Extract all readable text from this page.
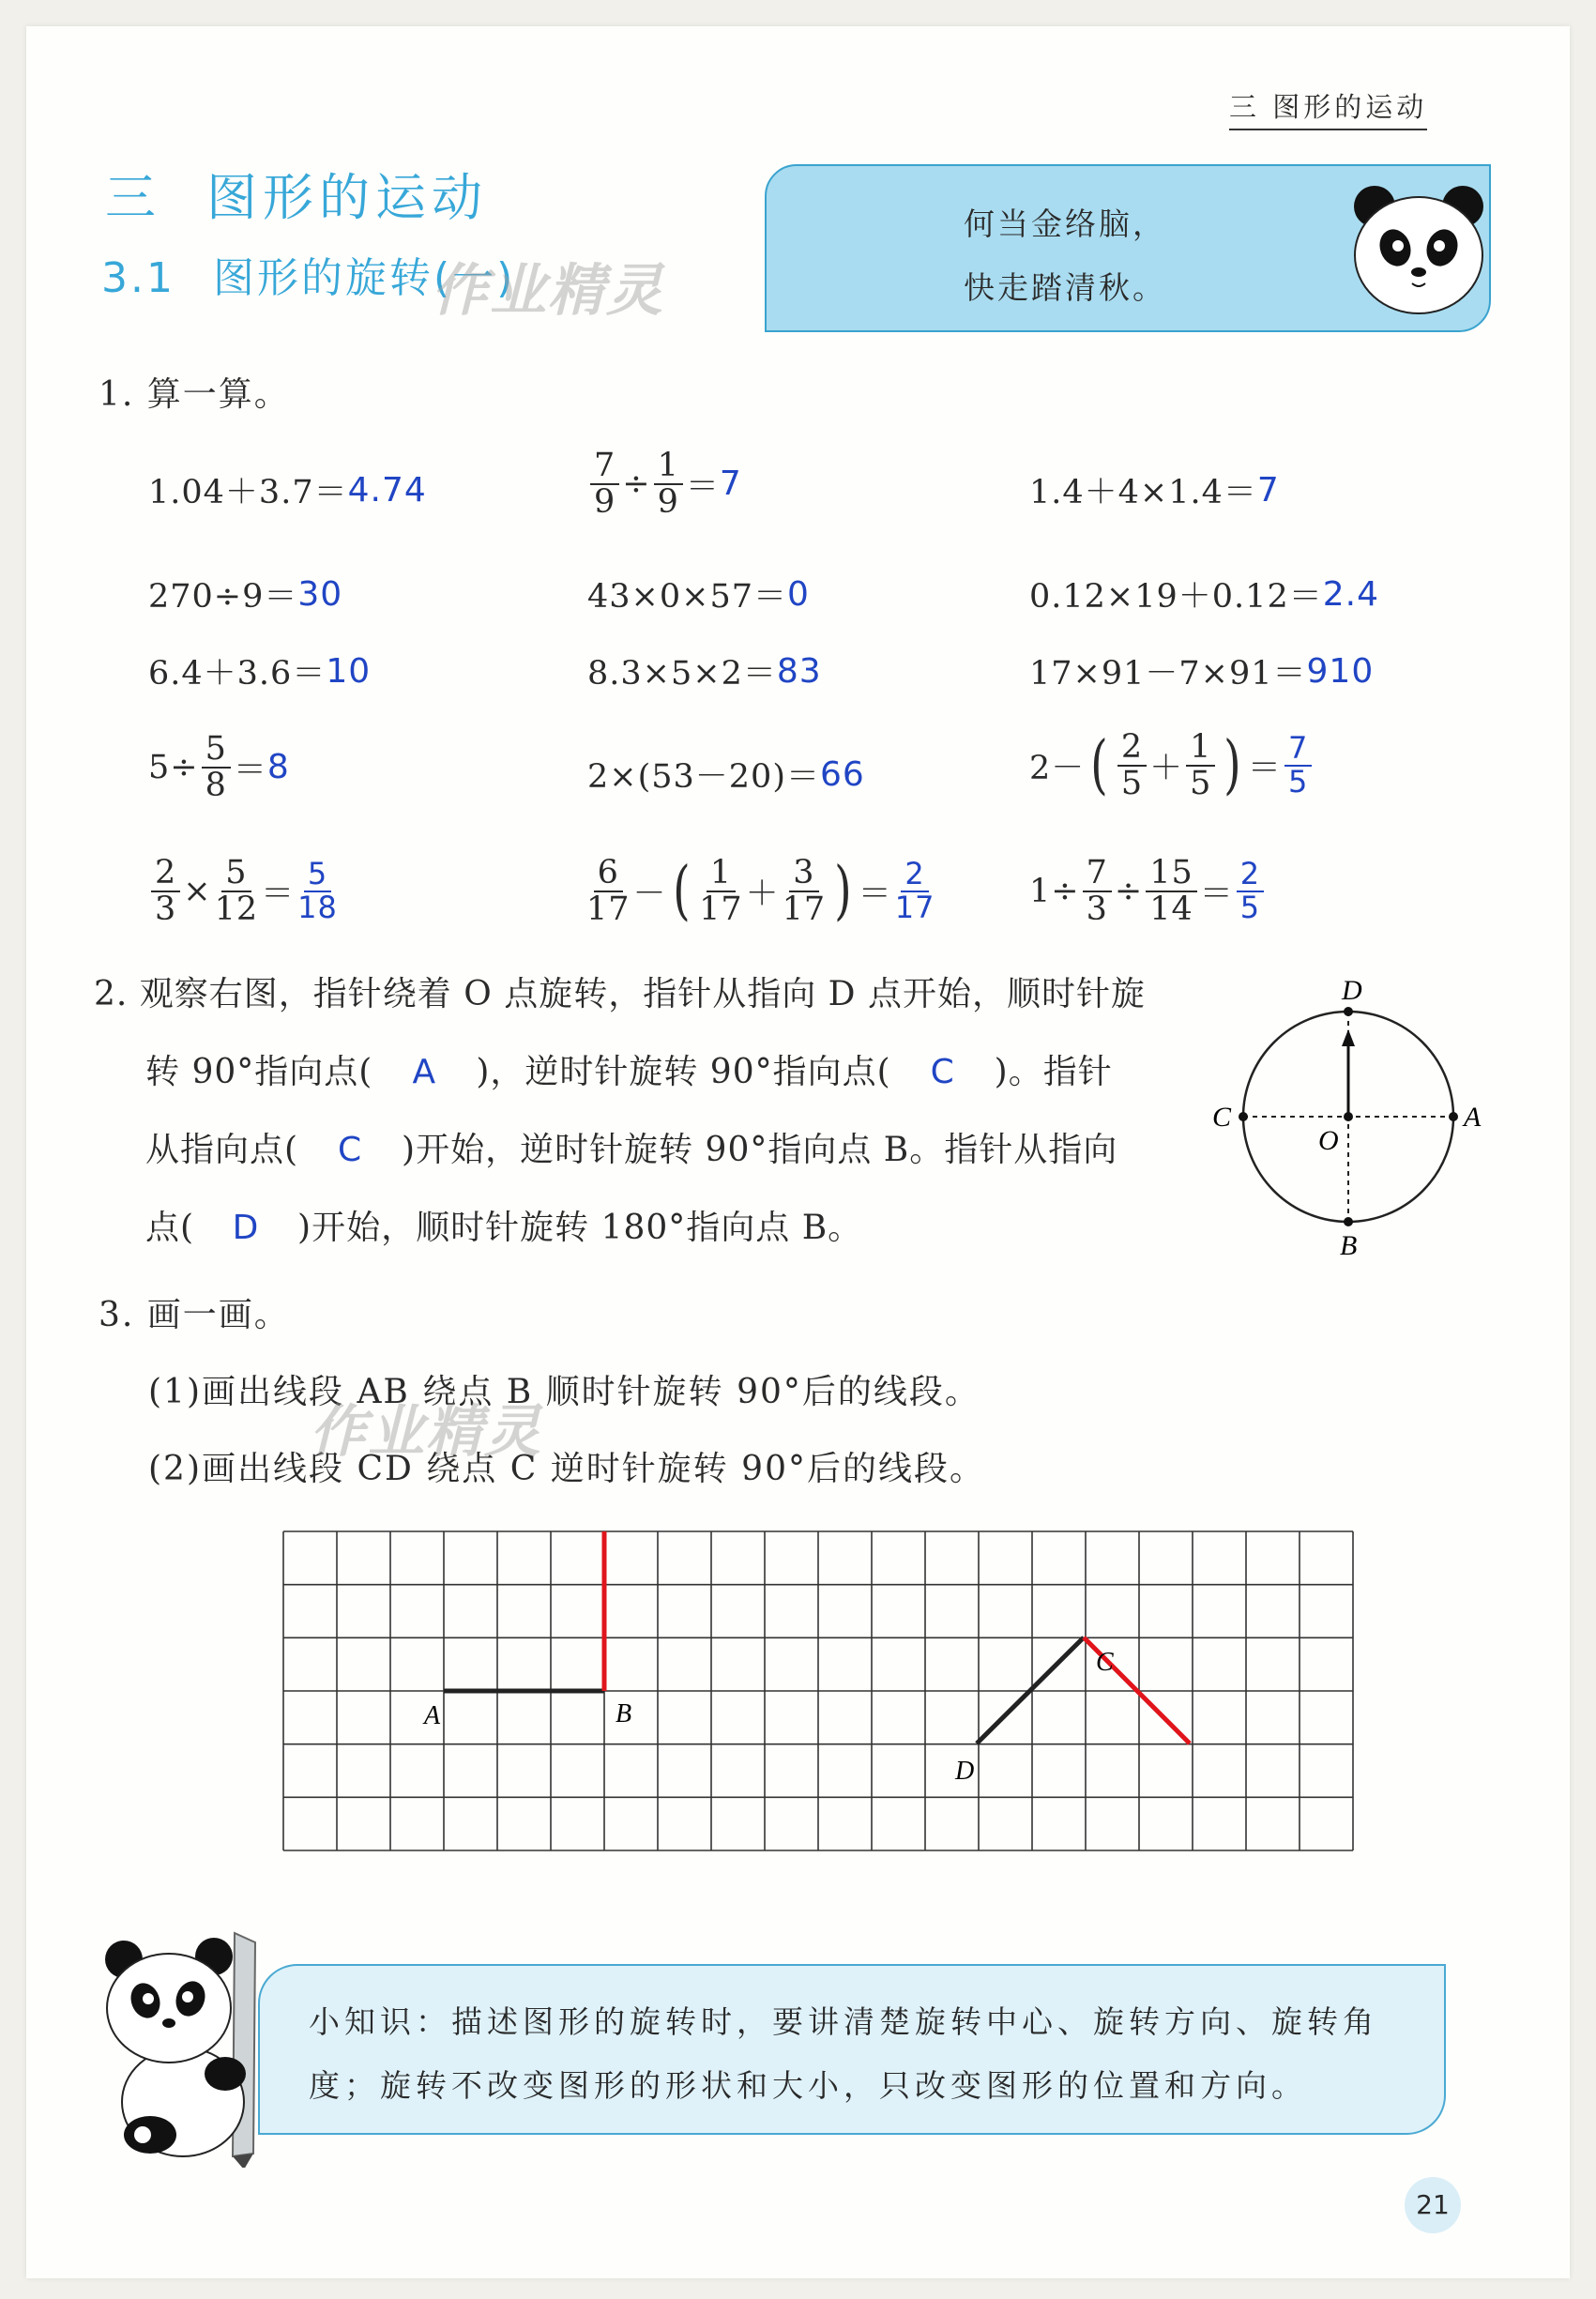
三 图形的运动
三 图形的运动
3.1 图形的旋转(一)
作业精灵
何当金络脑，
快走踏清秋。
1. 算一算。
1.04＋3.7＝ 4.74	$\frac{7}{9} \div \frac{1}{9} = 7$	1.4＋4×1.4＝ 7
270÷9＝ 30	43×0×57＝ 0	0.12×19＋0.12＝ 2.4
6.4＋3.6＝ 10	8.3×5×2＝ 83	17×91－7×91＝ 910
$5\div \frac{5}{8} = 8$	2×(53－20)＝ 66	2－ ( $\frac{2}{5} + \frac{1}{5}$ ) ＝ $\frac{7}{5}$
$\frac{2}{3} \times \frac{5}{12} = \frac{5}{18}$	$\frac{6}{17}$ － ( $\frac{1}{17} + \frac{3}{17}$ ) ＝ $\frac{2}{17}$	$1\div \frac{7}{3} \div \frac{15}{14} = \frac{2}{5}$
2. 观察右图，指针绕着 O 点旋转，指针从指向 D 点开始，顺时针旋
转 90°指向点( A )，逆时针旋转 90°指向点( C )。指针
从指向点( C )开始，逆时针旋转 90°指向点 B。指针从指向
点( D )开始，顺时针旋转 180°指向点 B。
D
A
B
C
O
3. 画一画。
(1)画出线段 AB 绕点 B 顺时针旋转 90°后的线段。
(2)画出线段 CD 绕点 C 逆时针旋转 90°后的线段。
作业精灵
A	B
C
D
小知识：描述图形的旋转时，要讲清楚旋转中心、旋转方向、旋转角
度；旋转不改变图形的形状和大小，只改变图形的位置和方向。
21
